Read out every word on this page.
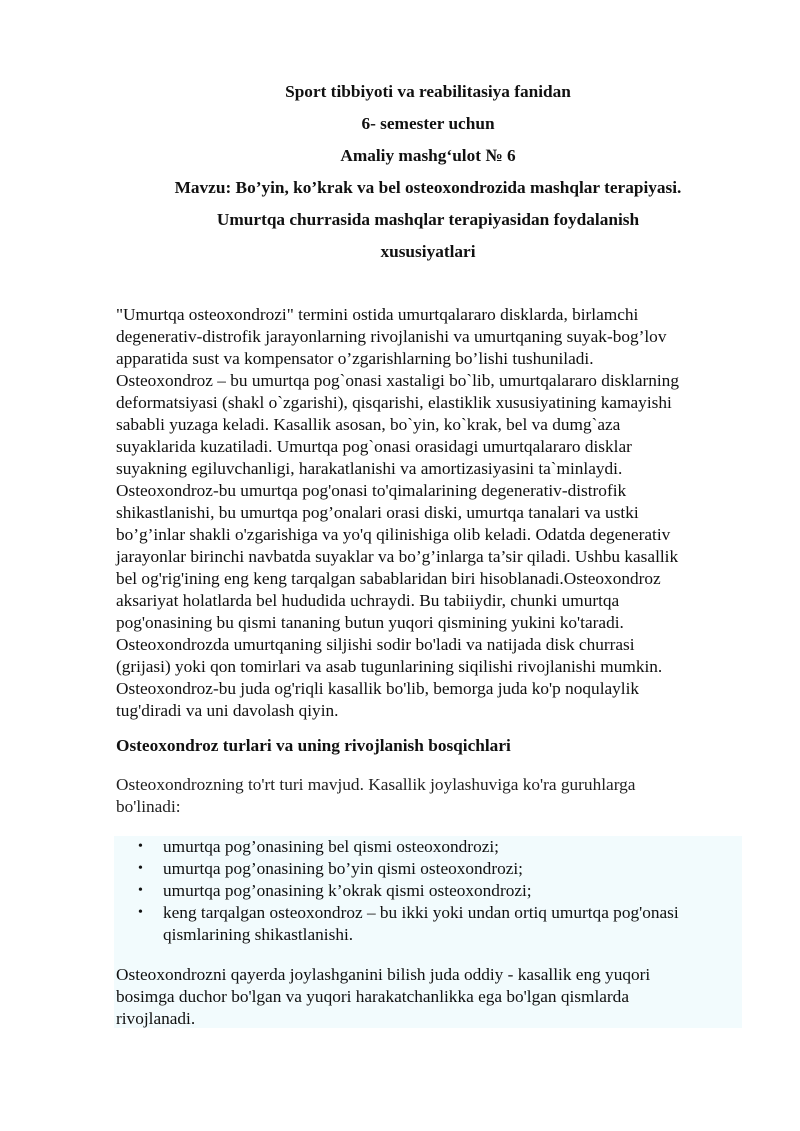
Sport tibbiyoti va reabilitasiya fanidan
6- semester uchun
Amaliy mashg‘ulot № 6
Mavzu: Bo’yin, ko’krak va bel osteoxondrozida mashqlar terapiyasi.
Umurtqa churrasida mashqlar terapiyasidan foydalanish
xususiyatlari
"Umurtqa osteoxondrozi" termini ostida umurtqalararo disklarda, birlamchi
degenerativ-distrofik jarayonlarning rivojlanishi va umurtqaning suyak-bog’lov
apparatida sust va kompensator o’zgarishlarning bo’lishi tushuniladi.
Osteoxondroz – bu umurtqa pog`onasi xastaligi bo`lib, umurtqalararo disklarning
deformatsiyasi (shakl o`zgarishi), qisqarishi, elastiklik xususiyatining kamayishi
sababli yuzaga keladi. Kasallik asosan, bo`yin, ko`krak, bel va dumg`aza
suyaklarida kuzatiladi. Umurtqa pog`onasi orasidagi umurtqalararo disklar
suyakning egiluvchanligi, harakatlanishi va amortizasiyasini ta`minlaydi.
Osteoxondroz-bu umurtqa pog'onasi to'qimalarining degenerativ-distrofik
shikastlanishi, bu umurtqa pog’onalari orasi diski, umurtqa tanalari va ustki
bo’g’inlar shakli o'zgarishiga va yo'q qilinishiga olib keladi. Odatda degenerativ
jarayonlar birinchi navbatda suyaklar va bo’g’inlarga ta’sir qiladi. Ushbu kasallik
bel og'rig'ining eng keng tarqalgan sabablaridan biri hisoblanadi.Osteoxondroz
aksariyat holatlarda bel hududida uchraydi. Bu tabiiydir, chunki umurtqa
pog'onasining bu qismi tananing butun yuqori qismining yukini ko'taradi.
Osteoxondrozda umurtqaning siljishi sodir bo'ladi va natijada disk churrasi
(grijasi) yoki qon tomirlari va asab tugunlarining siqilishi rivojlanishi mumkin.
Osteoxondroz-bu juda og'riqli kasallik bo'lib, bemorga juda ko'p noqulaylik
tug'diradi va uni davolash qiyin.
Osteoxondroz turlari va uning rivojlanish bosqichlari
Osteoxondrozning to'rt turi mavjud. Kasallik joylashuviga ko'ra guruhlarga
bo'linadi:
• umurtqa pog’onasining bel qismi osteoxondrozi;
• umurtqa pog’onasining bo’yin qismi osteoxondrozi;
• umurtqa pog’onasining k’okrak qismi osteoxondrozi;
• keng tarqalgan osteoxondroz – bu ikki yoki undan ortiq umurtqa pog'onasi
qismlarining shikastlanishi.
Osteoxondrozni qayerda joylashganini bilish juda oddiy - kasallik eng yuqori
bosimga duchor bo'lgan va yuqori harakatchanlikka ega bo'lgan qismlarda
rivojlanadi.
